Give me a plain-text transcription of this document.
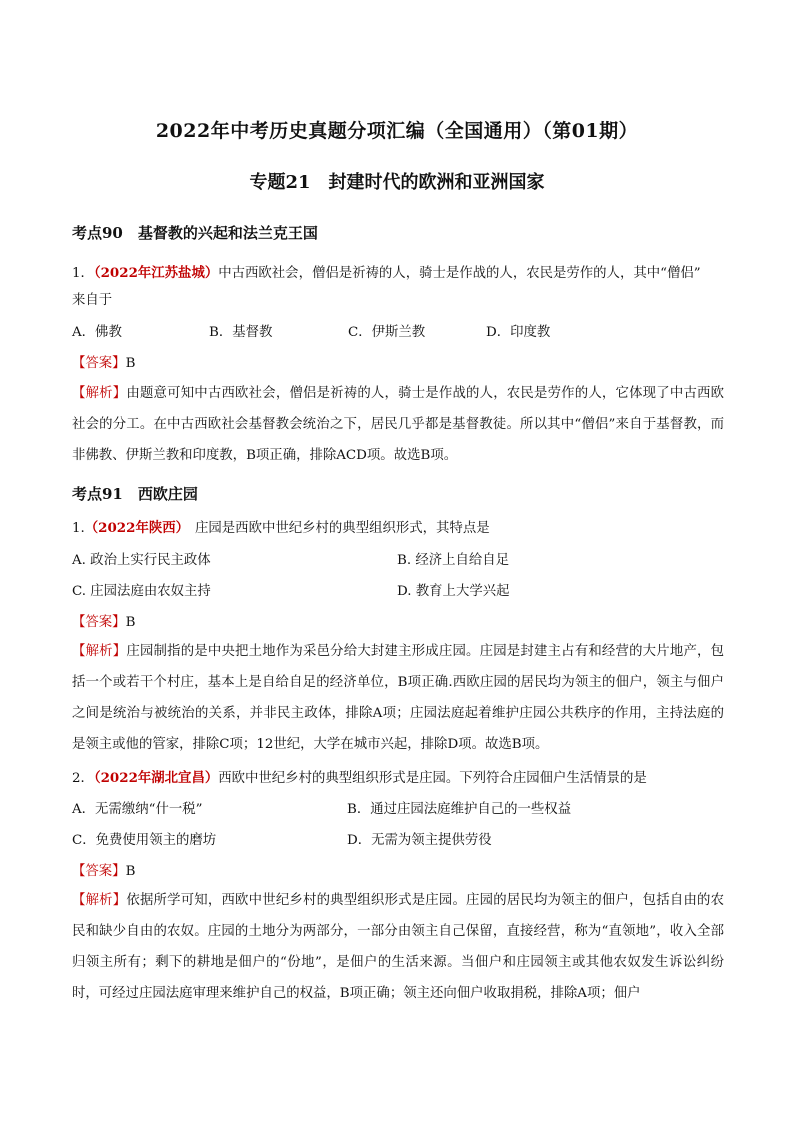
2022年中考历史真题分项汇编（全国通用）（第01期）
专题21　封建时代的欧洲和亚洲国家
考点90　基督教的兴起和法兰克王国
1．（2022年江苏盐城）中古西欧社会，僧侣是祈祷的人，骑士是作战的人，农民是劳作的人，其中“僧侣”
来自于
A．佛教	B．基督教	C．伊斯兰教	D．印度教
【答案】B
【解析】由题意可知中古西欧社会，僧侣是祈祷的人，骑士是作战的人，农民是劳作的人，它体现了中古西欧社会的分工。在中古西欧社会基督教会统治之下，居民几乎都是基督教徒。所以其中“僧侣”来自于基督教，而非佛教、伊斯兰教和印度教，B项正确，排除ACD项。故选B项。
考点91　西欧庄园
1.（2022年陕西） 庄园是西欧中世纪乡村的典型组织形式，其特点是
A. 政治上实行民主政体	B. 经济上自给自足
C. 庄园法庭由农奴主持	D. 教育上大学兴起
【答案】B
【解析】庄园制指的是中央把土地作为采邑分给大封建主形成庄园。庄园是封建主占有和经营的大片地产，包括一个或若干个村庄，基本上是自给自足的经济单位，B项正确.西欧庄园的居民均为领主的佃户，领主与佃户之间是统治与被统治的关系，并非民主政体，排除A项；庄园法庭起着维护庄园公共秩序的作用，主持法庭的是领主或他的管家，排除C项；12世纪，大学在城市兴起，排除D项。故选B项。
2．（2022年湖北宜昌）西欧中世纪乡村的典型组织形式是庄园。下列符合庄园佃户生活情景的是
A．无需缴纳“什一税”	B．通过庄园法庭维护自己的一些权益
C．免费使用领主的磨坊	D．无需为领主提供劳役
【答案】B
【解析】依据所学可知，西欧中世纪乡村的典型组织形式是庄园。庄园的居民均为领主的佃户，包括自由的农民和缺少自由的农奴。庄园的土地分为两部分，一部分由领主自己保留，直接经营，称为“直领地”，收入全部归领主所有；剩下的耕地是佃户的“份地”，是佃户的生活来源。当佃户和庄园领主或其他农奴发生诉讼纠纷时，可经过庄园法庭审理来维护自己的权益，B项正确；领主还向佃户收取捐税，排除A项；佃户
